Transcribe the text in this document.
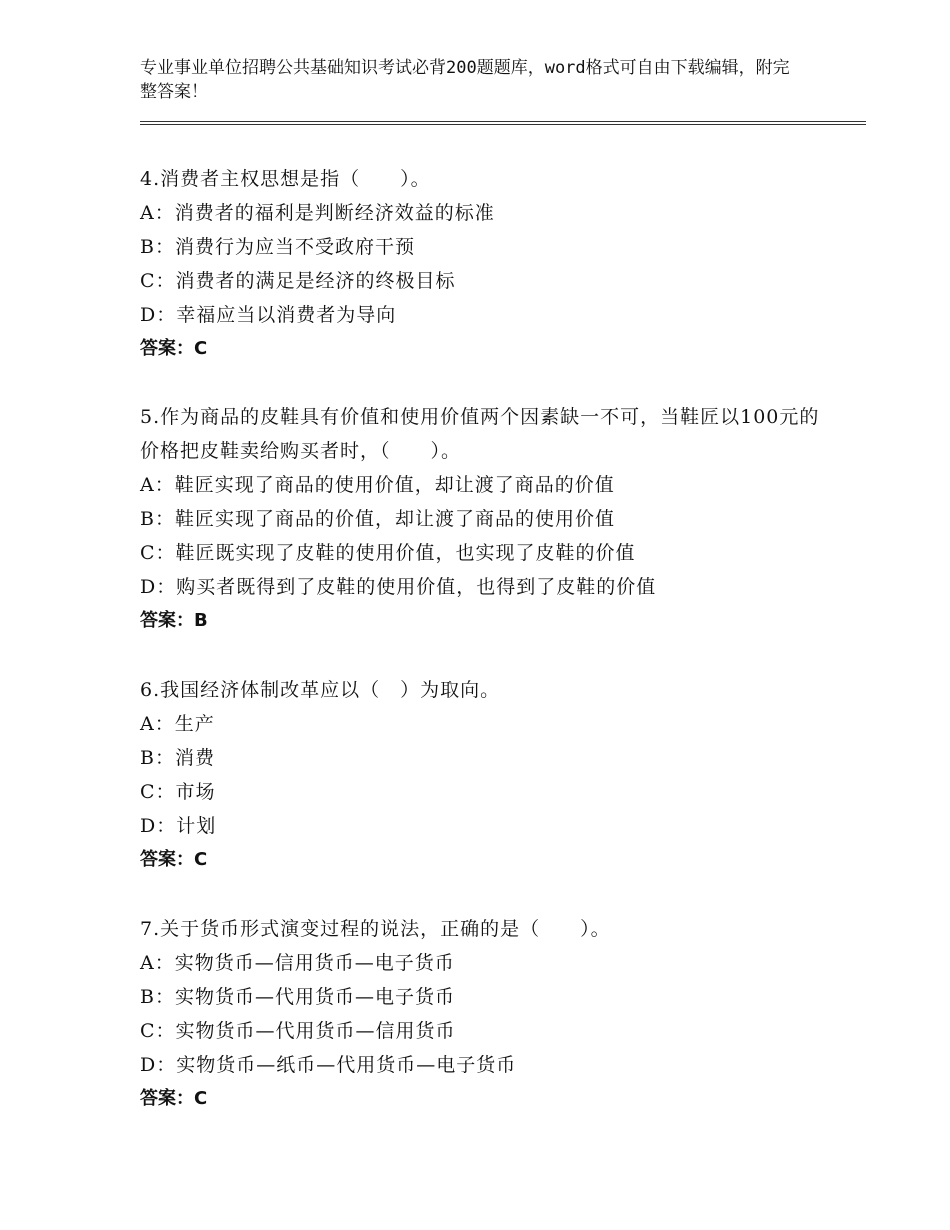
专业事业单位招聘公共基础知识考试必背200题题库，word格式可自由下载编辑，附完整答案！
4.消费者主权思想是指（　　）。
A：消费者的福利是判断经济效益的标准
B：消费行为应当不受政府干预
C：消费者的满足是经济的终极目标
D：幸福应当以消费者为导向
答案：C
5.作为商品的皮鞋具有价值和使用价值两个因素缺一不可，当鞋匠以100元的价格把皮鞋卖给购买者时，（　　）。
A：鞋匠实现了商品的使用价值，却让渡了商品的价值
B：鞋匠实现了商品的价值，却让渡了商品的使用价值
C：鞋匠既实现了皮鞋的使用价值，也实现了皮鞋的价值
D：购买者既得到了皮鞋的使用价值，也得到了皮鞋的价值
答案：B
6.我国经济体制改革应以（　）为取向。
A：生产
B：消费
C：市场
D：计划
答案：C
7.关于货币形式演变过程的说法，正确的是（　　）。
A：实物货币—信用货币—电子货币
B：实物货币—代用货币—电子货币
C：实物货币—代用货币—信用货币
D：实物货币—纸币—代用货币—电子货币
答案：C
